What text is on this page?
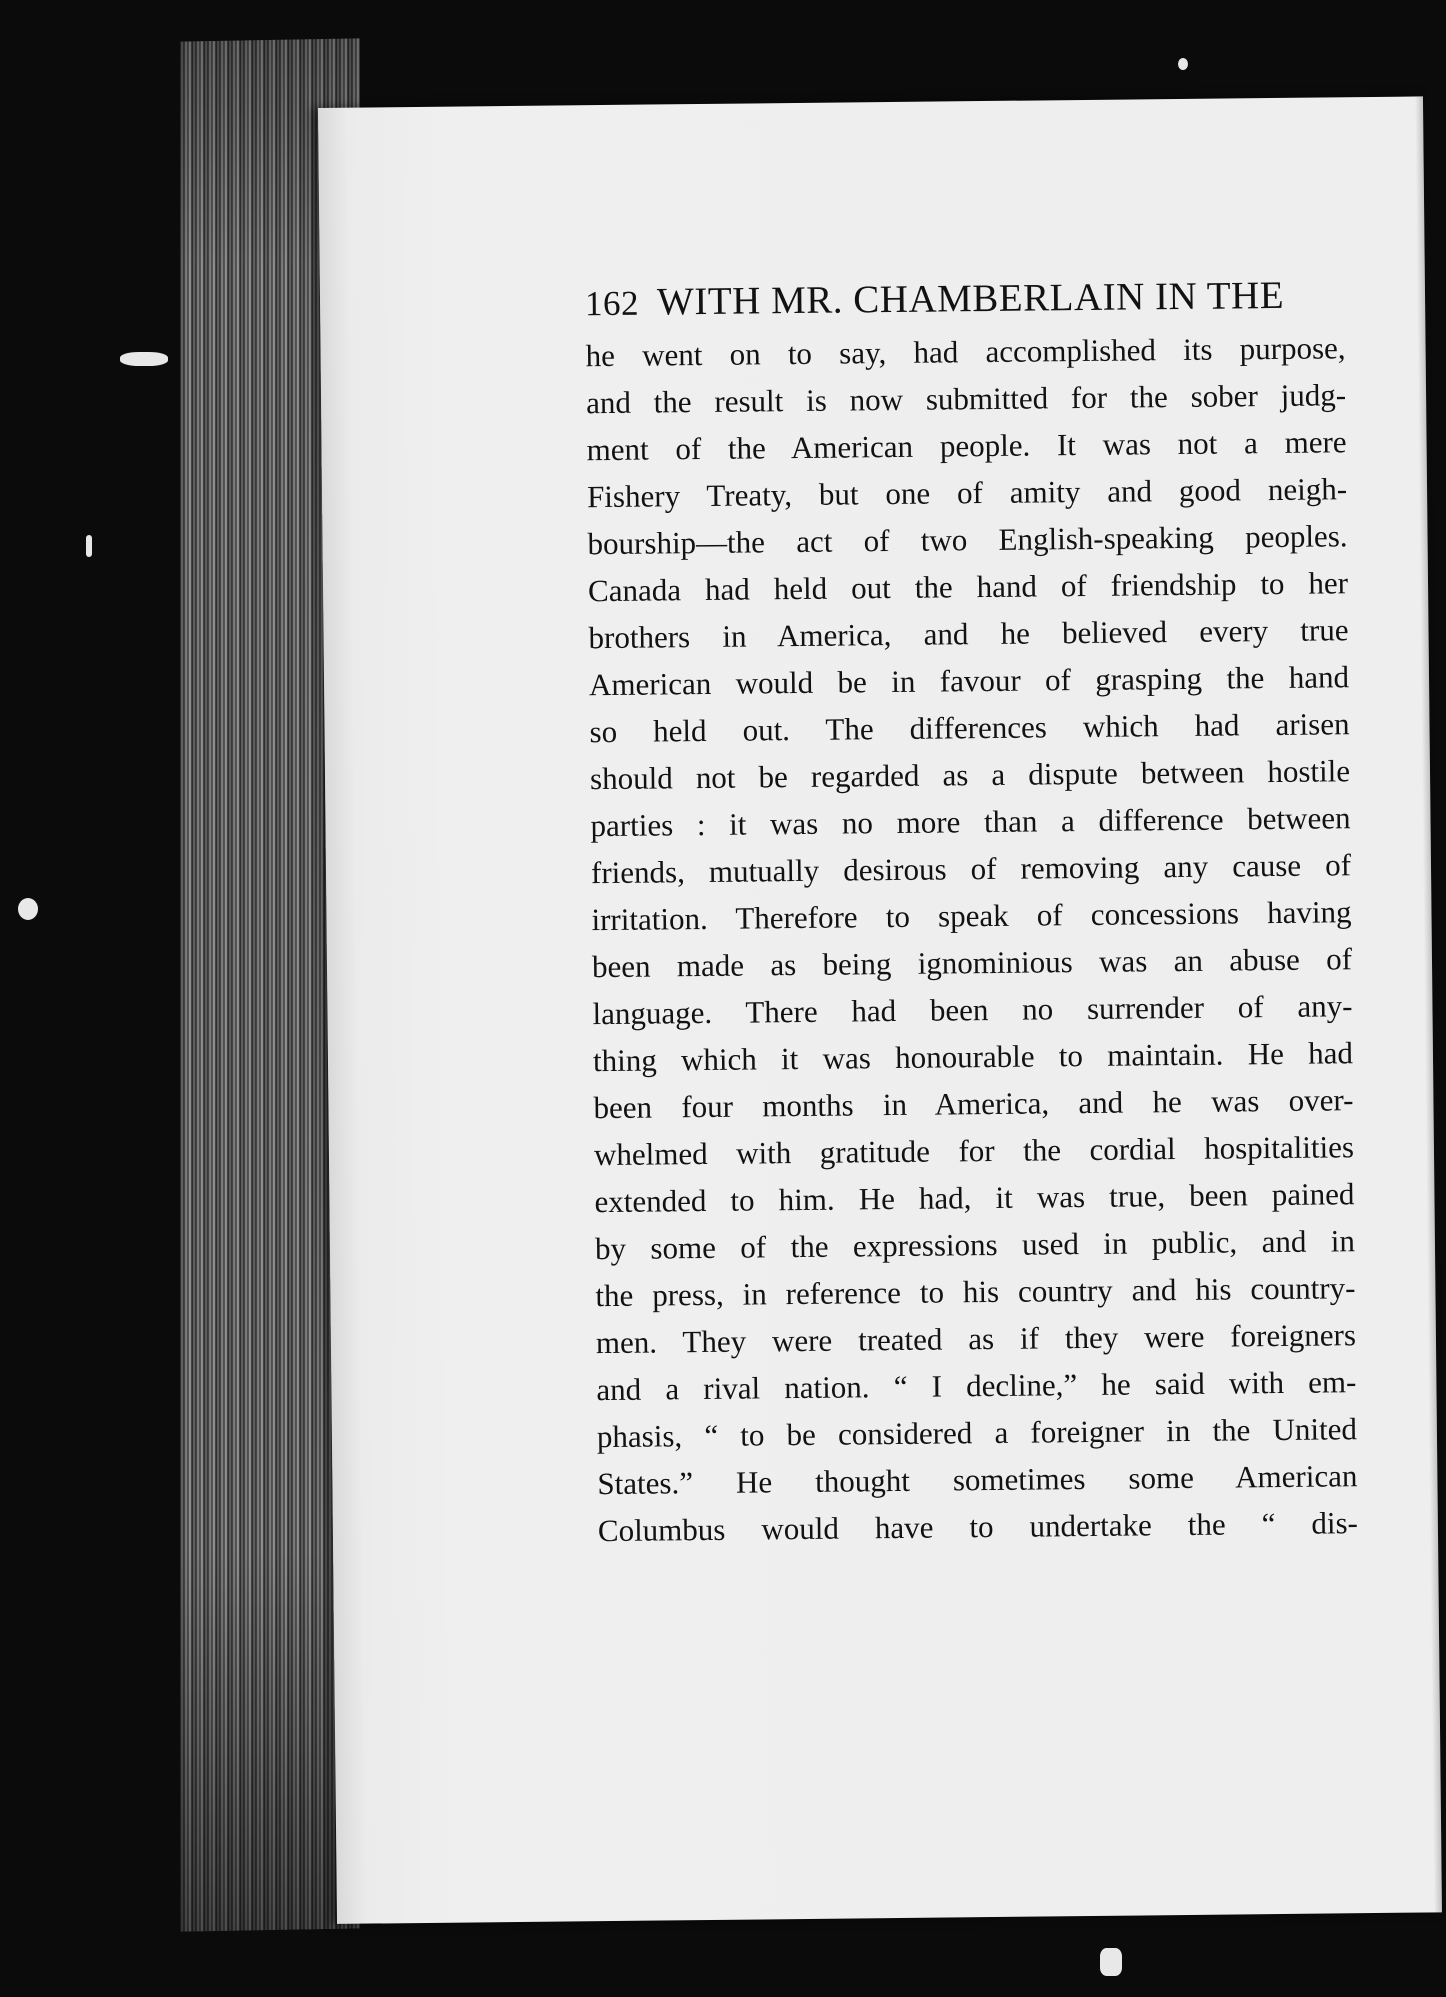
162 WITH MR. CHAMBERLAIN IN THE
he went on to say, had accomplished its purpose,
and the result is now submitted for the sober judg-
ment of the American people. It was not a mere
Fishery Treaty, but one of amity and good neigh-
bourship—the act of two English-speaking peoples.
Canada had held out the hand of friendship to her
brothers in America, and he believed every true
American would be in favour of grasping the hand
so held out. The differences which had arisen
should not be regarded as a dispute between hostile
parties : it was no more than a difference between
friends, mutually desirous of removing any cause of
irritation. Therefore to speak of concessions having
been made as being ignominious was an abuse of
language. There had been no surrender of any-
thing which it was honourable to maintain. He had
been four months in America, and he was over-
whelmed with gratitude for the cordial hospitalities
extended to him. He had, it was true, been pained
by some of the expressions used in public, and in
the press, in reference to his country and his country-
men. They were treated as if they were foreigners
and a rival nation. “ I decline,” he said with em-
phasis, “ to be considered a foreigner in the United
States.” He thought sometimes some American
Columbus would have to undertake the “ dis-
